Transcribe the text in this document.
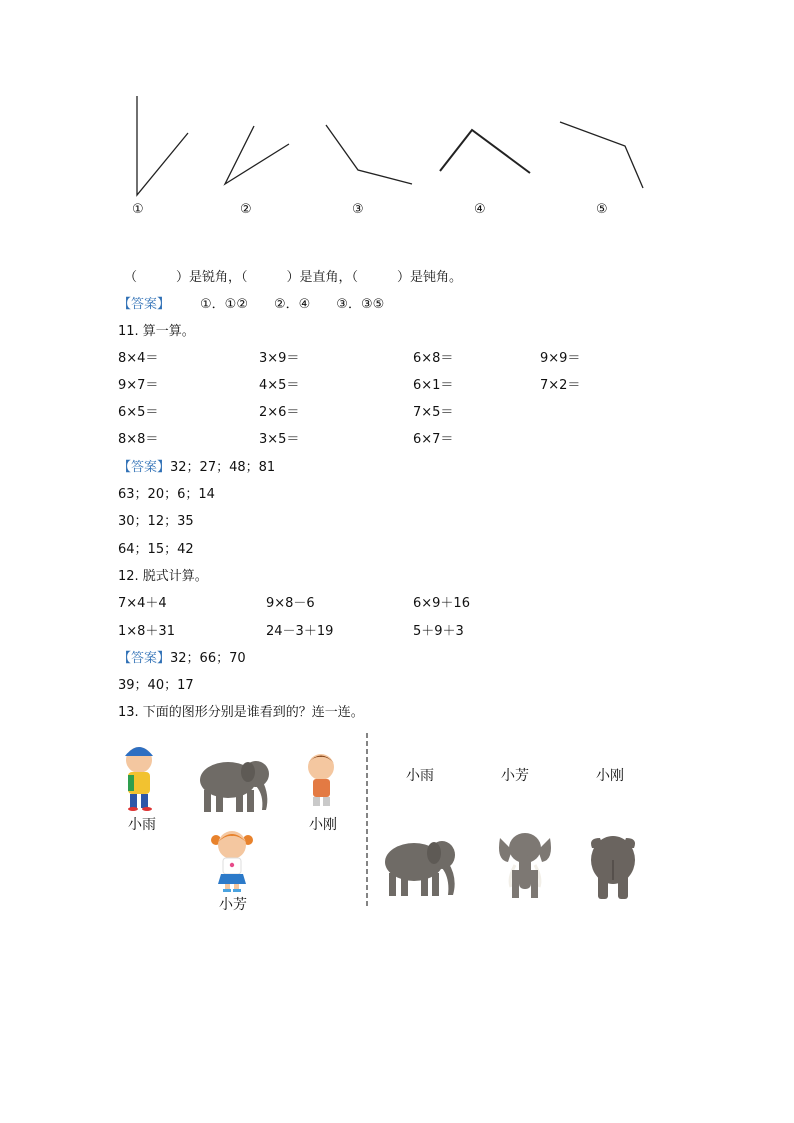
①	②	③	④	⑤
（　　　）是锐角，（　　　）是直角，（　　　）是钝角。
【答案】 ①．①②　　②．④　　③．③⑤
11. 算一算。
8×4＝	3×9＝	6×8＝	9×9＝
9×7＝	4×5＝	6×1＝	7×2＝
6×5＝	2×6＝	7×5＝
8×8＝	3×5＝	6×7＝
【答案】32；27；48；81
63；20；6；14
30；12；35
64；15；42
12. 脱式计算。
7×4＋4	9×8－6	6×9＋16
1×8＋31	24－3＋19	5＋9＋3
【答案】32；66；70
39；40；17
13. 下面的图形分别是谁看到的？连一连。
小雨	小刚
小芳
小雨	小芳	小刚
